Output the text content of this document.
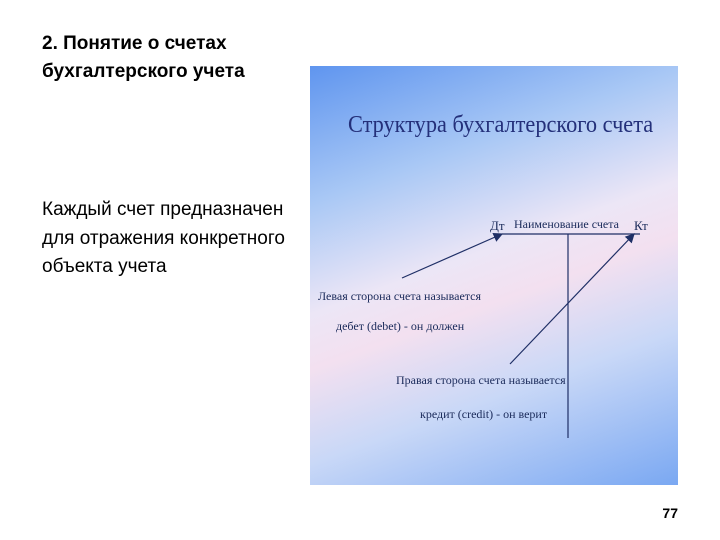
2. Понятие о счетах бухгалтерского учета
Каждый счет предназначен для отражения конкретного объекта учета
Структура бухгалтерского счета
Дт Наименование счета Кт
Левая сторона счета называется
дебет (debet) - он должен
Правая сторона счета называется
кредит (credit) - он верит
77
